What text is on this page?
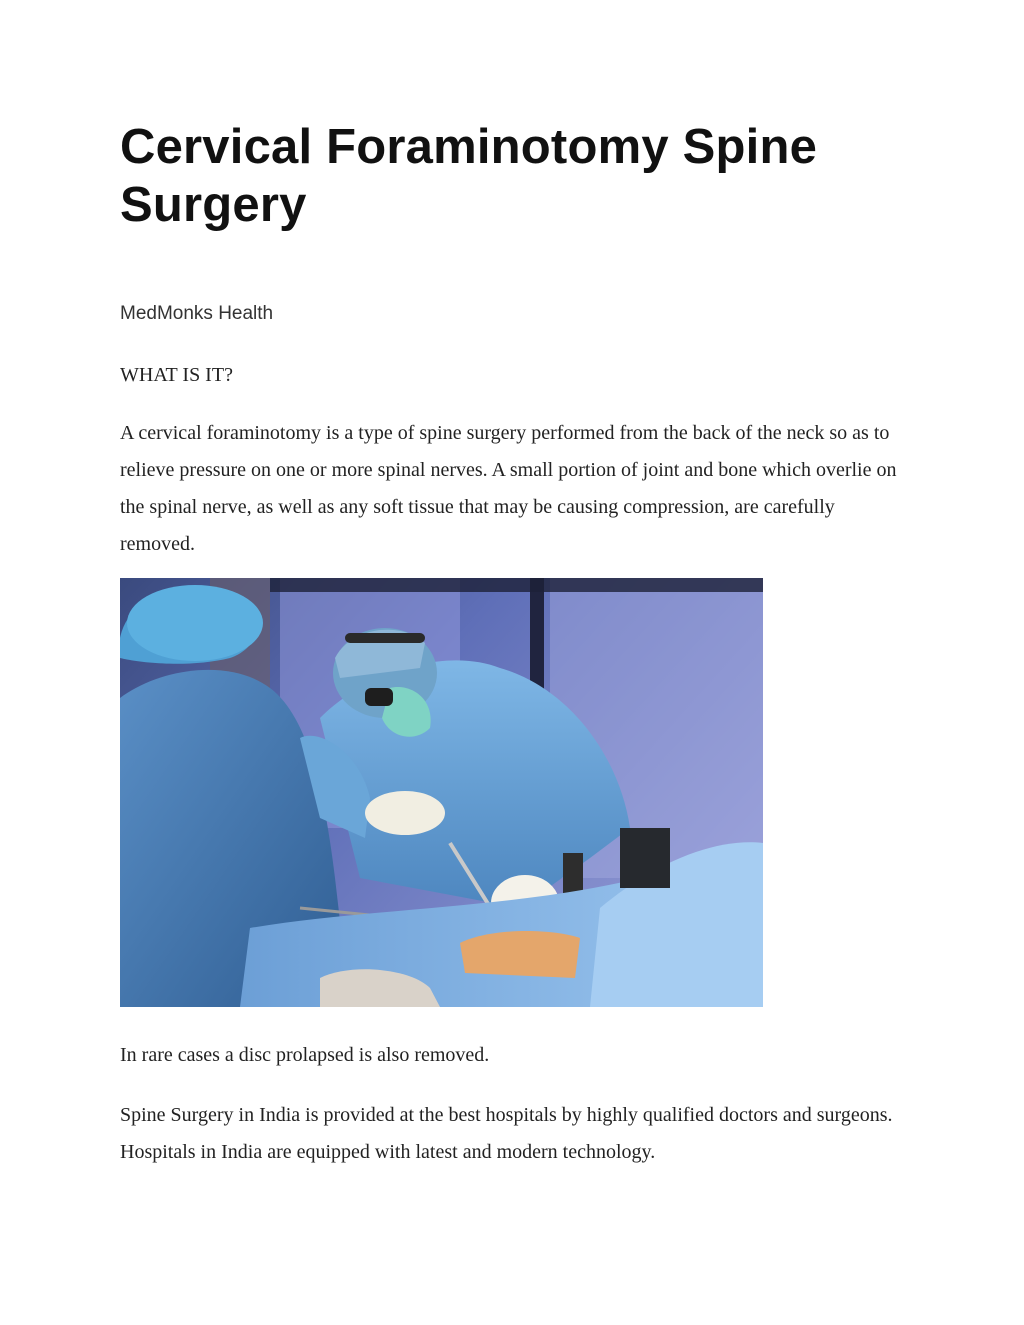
Cervical Foraminotomy Spine Surgery

MedMonks Health

WHAT IS IT?

A cervical foraminotomy is a type of spine surgery performed from the back of the neck so as to relieve pressure on one or more spinal nerves. A small portion of joint and bone which overlie on the spinal nerve, as well as any soft tissue that may be causing compression, are carefully removed.

In rare cases a disc prolapsed is also removed.

Spine Surgery in India is provided at the best hospitals by highly qualified doctors and surgeons. Hospitals in India are equipped with latest and modern technology.
